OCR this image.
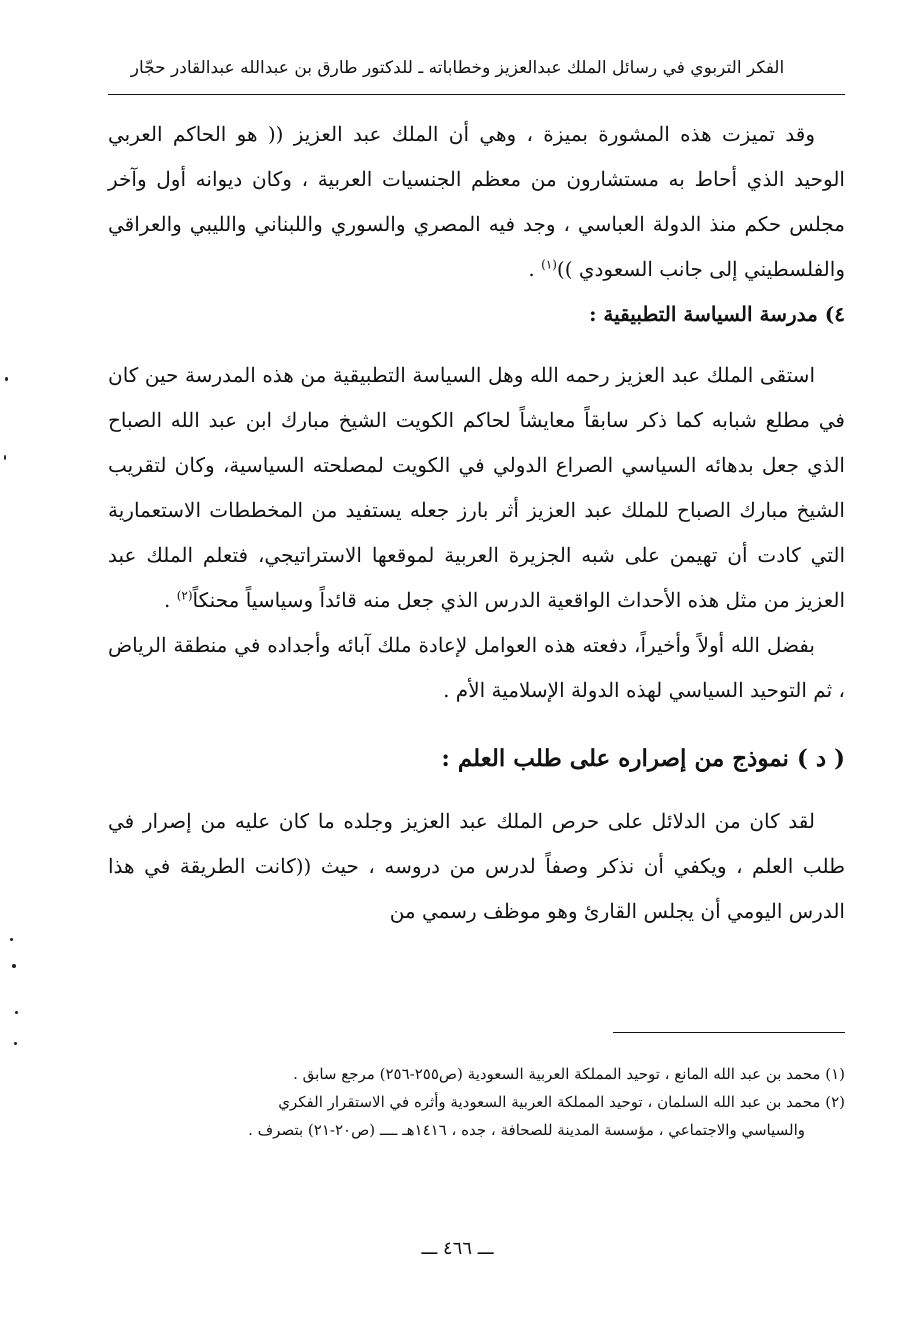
الفكر التربوي في رسائل الملك عبدالعزيز وخطاباته ـ للدكتور طارق بن عبدالله عبدالقادر حجّار

وقد تميزت هذه المشورة بميزة ، وهي أن الملك عبد العزيز (( هو الحاكم العربي الوحيد الذي أحاط به مستشارون من معظم الجنسيات العربية ، وكان ديوانه أول وآخر مجلس حكم منذ الدولة العباسي ، وجد فيه المصري والسوري واللبناني والليبي والعراقي والفلسطيني إلى جانب السعودي ))$^{(١)}$ .

٤) مدرسة السياسة التطبيقية :

استقى الملك عبد العزيز رحمه الله وهل السياسة التطبيقية من هذه المدرسة حين كان في مطلع شبابه كما ذكر سابقاً معايشاً لحاكم الكويت الشيخ مبارك ابن عبد الله الصباح الذي جعل بدهائه السياسي الصراع الدولي في الكويت لمصلحته السياسية، وكان لتقريب الشيخ مبارك الصباح للملك عبد العزيز أثر بارز جعله يستفيد من المخططات الاستعمارية التي كادت أن تهيمن على شبه الجزيرة العربية لموقعها الاستراتيجي، فتعلم الملك عبد العزيز من مثل هذه الأحداث الواقعية الدرس الذي جعل منه قائداً وسياسياً محنكاً$^{(٢)}$ .

بفضل الله أولاً وأخيراً، دفعته هذه العوامل لإعادة ملك آبائه وأجداده في منطقة الرياض ، ثم التوحيد السياسي لهذه الدولة الإسلامية الأم .

( د ) نموذج من إصراره على طلب العلم :

لقد كان من الدلائل على حرص الملك عبد العزيز وجلده ما كان عليه من إصرار في طلب العلم ، ويكفي أن نذكر وصفاً لدرس من دروسه ، حيث ((كانت الطريقة في هذا الدرس اليومي أن يجلس القارئ وهو موظف رسمي من

(١) محمد بن عبد الله المانع ، توحيد المملكة العربية السعودية (ص٢٥٥-٢٥٦) مرجع سابق .

(٢) محمد بن عبد الله السلمان ، توحيد المملكة العربية السعودية وأثره في الاستقرار الفكري

والسياسي والاجتماعي ، مؤسسة المدينة للصحافة ، جده ، ١٤١٦هـ ــــ (ص٢٠-٢١) بتصرف .

ـــ ٤٦٦ ـــ
